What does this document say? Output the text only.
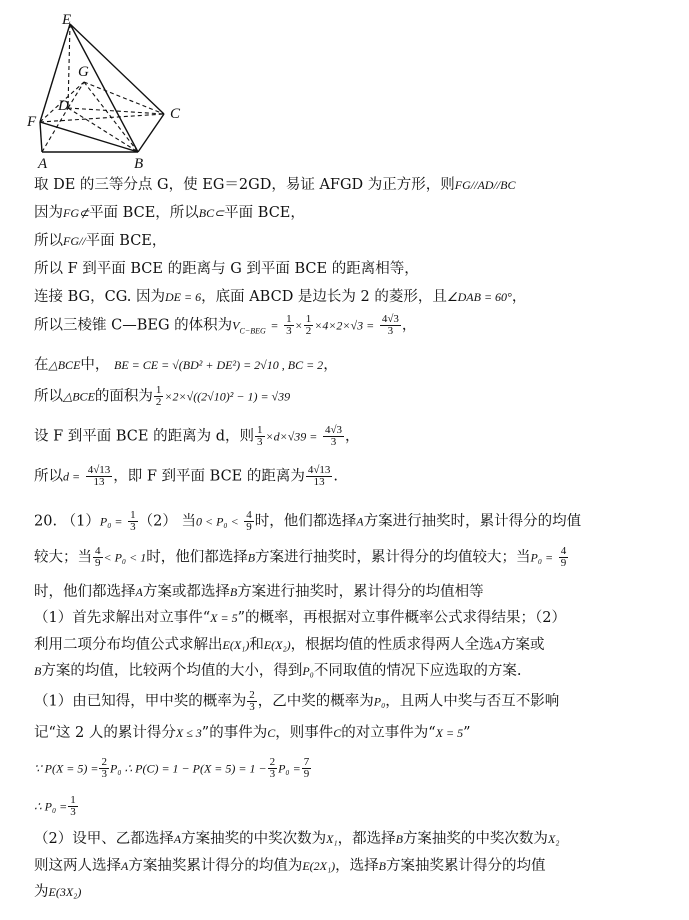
E
G
D	C
F
A	B
取 DE 的三等分点 G，使 EG＝2GD，易证 AFGD 为正方形，则FG//AD//BC
因为FG⊄平面 BCE，所以BC⊂平面 BCE，
所以FG//平面 BCE，
所以 F 到平面 BCE 的距离与 G 到平面 BCE 的距离相等，
连接 BG，CG. 因为DE = 6，底面 ABCD 是边长为 2 的菱形，且∠DAB = 60°，
所以三棱锥 C—BEG 的体积为$V_{C-BEG} = \frac{1}{3} \times \frac{1}{2} \times 4\times 2\times√3 = \frac{4√3}{3}$ ，
在△BCE中， BE = CE = √(BD² + DE²) = 2√10 , BC = 2，
所以△BCE的面积为 $\frac{1}{2} \times 2\times√((2√10)^2 - 1) = √39$
设 F 到平面 BCE 的距离为 d，则 $\frac{1}{3} \times d\times√39 = \frac{4√3}{3}$ ，
所以$d = \frac{4√13}{13}$ ，即 F 到平面 BCE 的距离为 $\frac{4√13}{13}$ .
20. $(1)P_0 = \frac{1}{3} (2)$ 当$0 < P_0 < \frac{4}{9}$ 时，他们都选择A方案进行抽奖时，累计得分的均值
较大；当 $\frac{4}{9} < P_0 < 1$时，他们都选择B方案进行抽奖时，累计得分的均值较大；当$P_0 = \frac{4}{9}$
时，他们都选择A方案或都选择B方案进行抽奖时，累计得分的均值相等
（1）首先求解出对立事件“X = 5”的概率，再根据对立事件概率公式求得结果；（2）
利用二项分布均值公式求解出E(X₁)和E(X₂)，根据均值的性质求得两人全选A方案或
B方案的均值，比较两个均值的大小，得到P₀不同取值的情况下应选取的方案.
（1）由已知得，甲中奖的概率为 $\frac{2}{3}$ ，乙中奖的概率为P₀，且两人中奖与否互不影响
记“这 2 人的累计得分X ≤ 3”的事件为C，则事件C的对立事件为“X = 5”
∵ $P(X = 5) = \frac{2}{3} P_0$ ∴ $P(C) = 1 - P(X = 5) = 1 - \frac{2}{3} P_0 = \frac{7}{9}$
∴ $P_0 = \frac{1}{3}$
（2）设甲、乙都选择A方案抽奖的中奖次数为X₁，都选择B方案抽奖的中奖次数为X₂
则这两人选择A方案抽奖累计得分的均值为E(2X₁)，选择B方案抽奖累计得分的均值
为E(3X₂)
